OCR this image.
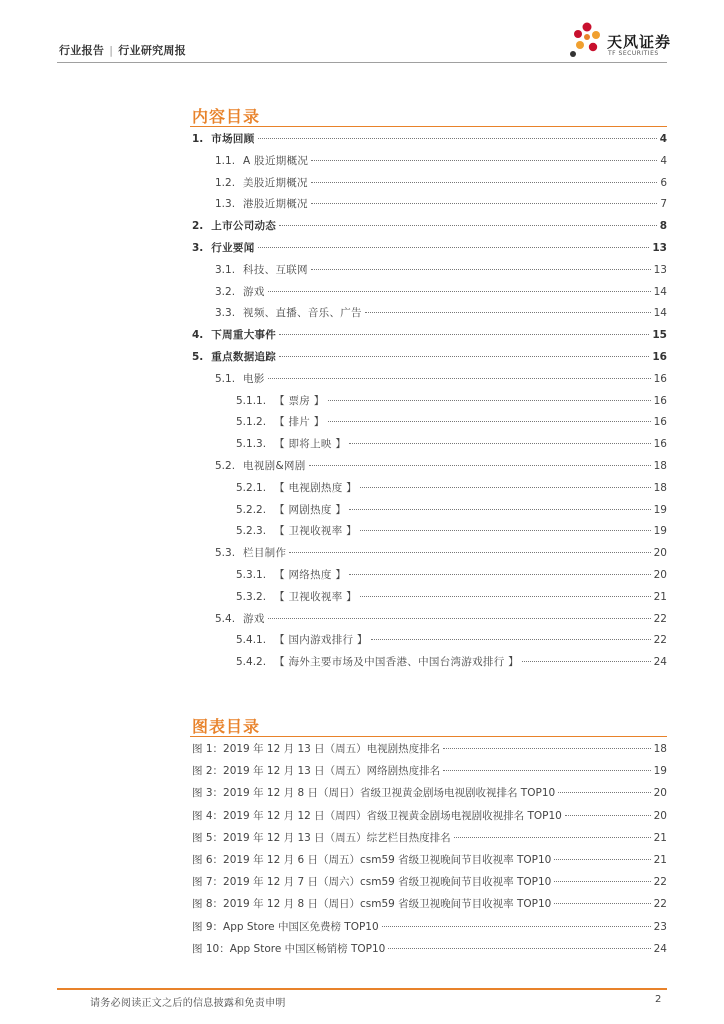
行业报告 | 行业研究周报	天风证券
TF SECURITIES
内容目录
1. 市场回顾	4
1.1. A 股近期概况	4
1.2. 美股近期概况	6
1.3. 港股近期概况	7
2. 上市公司动态	8
3. 行业要闻	13
3.1. 科技、互联网	13
3.2. 游戏	14
3.3. 视频、直播、音乐、广告	14
4. 下周重大事件	15
5. 重点数据追踪	16
5.1. 电影	16
5.1.1. 【 票房 】	16
5.1.2. 【 排片 】	16
5.1.3. 【 即将上映 】	16
5.2. 电视剧&网剧	18
5.2.1. 【 电视剧热度 】	18
5.2.2. 【 网剧热度 】	19
5.2.3. 【 卫视收视率 】	19
5.3. 栏目制作	20
5.3.1. 【 网络热度 】	20
5.3.2. 【 卫视收视率 】	21
5.4. 游戏	22
5.4.1. 【 国内游戏排行 】	22
5.4.2. 【 海外主要市场及中国香港、中国台湾游戏排行 】	24
图表目录
图 1：2019 年 12 月 13 日（周五）电视剧热度排名	18
图 2：2019 年 12 月 13 日（周五）网络剧热度排名	19
图 3：2019 年 12 月 8 日（周日）省级卫视黄金剧场电视剧收视排名 TOP10	20
图 4：2019 年 12 月 12 日（周四）省级卫视黄金剧场电视剧收视排名 TOP10	20
图 5：2019 年 12 月 13 日（周五）综艺栏目热度排名	21
图 6：2019 年 12 月 6 日（周五）csm59 省级卫视晚间节目收视率 TOP10	21
图 7：2019 年 12 月 7 日（周六）csm59 省级卫视晚间节目收视率 TOP10	22
图 8：2019 年 12 月 8 日（周日）csm59 省级卫视晚间节目收视率 TOP10	22
图 9：App Store 中国区免费榜 TOP10	23
图 10：App Store 中国区畅销榜 TOP10	24
请务必阅读正文之后的信息披露和免责申明	2
